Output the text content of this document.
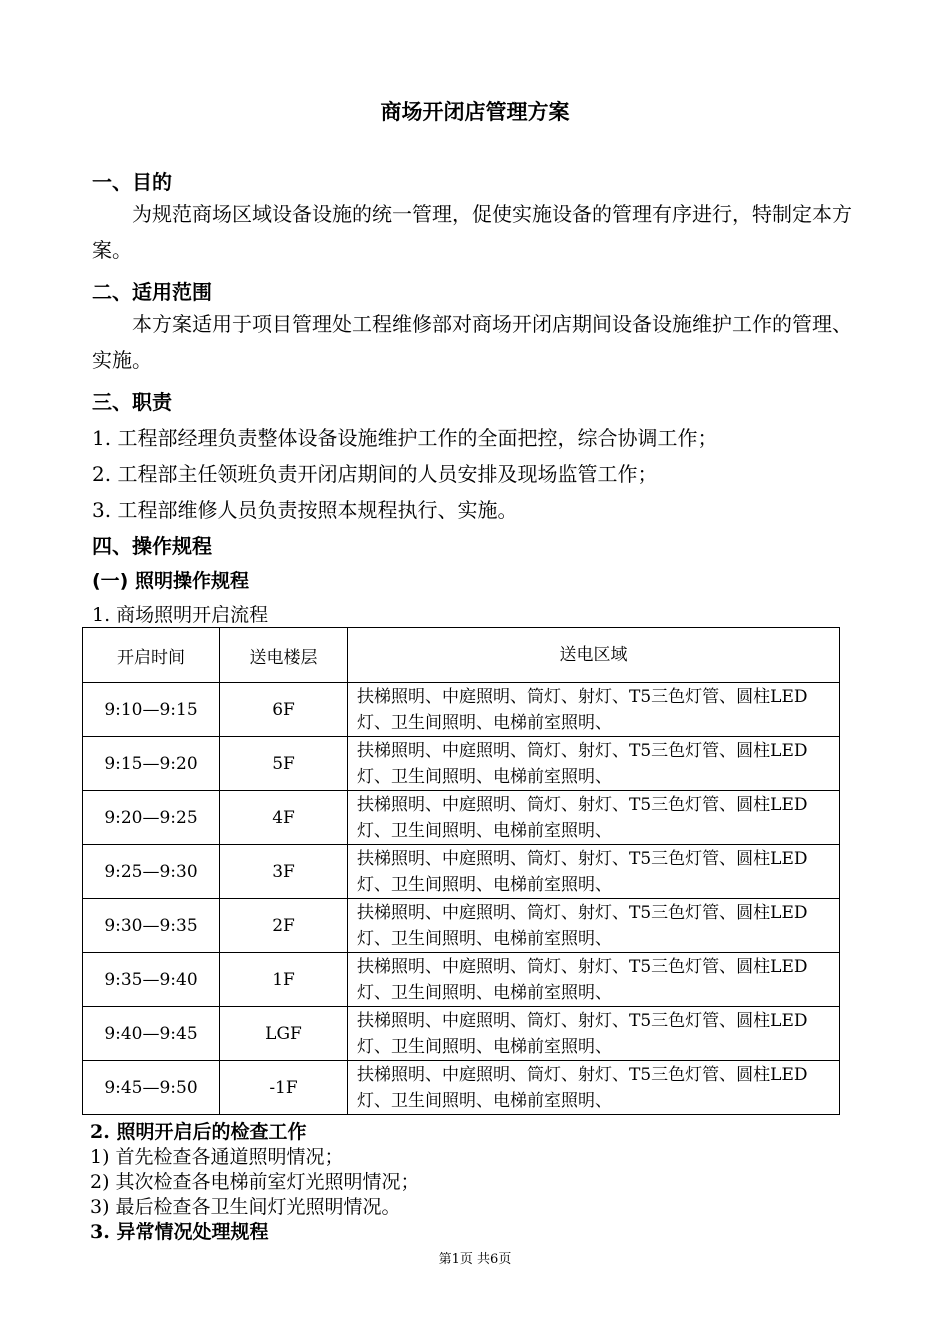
商场开闭店管理方案
一、目的
为规范商场区域设备设施的统一管理，促使实施设备的管理有序进行，特制定本方案。
二、适用范围
本方案适用于项目管理处工程维修部对商场开闭店期间设备设施维护工作的管理、实施。
三、职责
1. 工程部经理负责整体设备设施维护工作的全面把控，综合协调工作；
2. 工程部主任领班负责开闭店期间的人员安排及现场监管工作；
3. 工程部维修人员负责按照本规程执行、实施。
四、操作规程
(一) 照明操作规程
1. 商场照明开启流程
开启时间	送电楼层	送电区域
9:10—9:15	6F	扶梯照明、中庭照明、筒灯、射灯、T5三色灯管、圆柱LED灯、卫生间照明、电梯前室照明、
9:15—9:20	5F	扶梯照明、中庭照明、筒灯、射灯、T5三色灯管、圆柱LED灯、卫生间照明、电梯前室照明、
9:20—9:25	4F	扶梯照明、中庭照明、筒灯、射灯、T5三色灯管、圆柱LED灯、卫生间照明、电梯前室照明、
9:25—9:30	3F	扶梯照明、中庭照明、筒灯、射灯、T5三色灯管、圆柱LED灯、卫生间照明、电梯前室照明、
9:30—9:35	2F	扶梯照明、中庭照明、筒灯、射灯、T5三色灯管、圆柱LED灯、卫生间照明、电梯前室照明、
9:35—9:40	1F	扶梯照明、中庭照明、筒灯、射灯、T5三色灯管、圆柱LED灯、卫生间照明、电梯前室照明、
9:40—9:45	LGF	扶梯照明、中庭照明、筒灯、射灯、T5三色灯管、圆柱LED灯、卫生间照明、电梯前室照明、
9:45—9:50	-1F	扶梯照明、中庭照明、筒灯、射灯、T5三色灯管、圆柱LED灯、卫生间照明、电梯前室照明、
2. 照明开启后的检查工作
1) 首先检查各通道照明情况；
2) 其次检查各电梯前室灯光照明情况；
3) 最后检查各卫生间灯光照明情况。
3. 异常情况处理规程
第1页 共6页
